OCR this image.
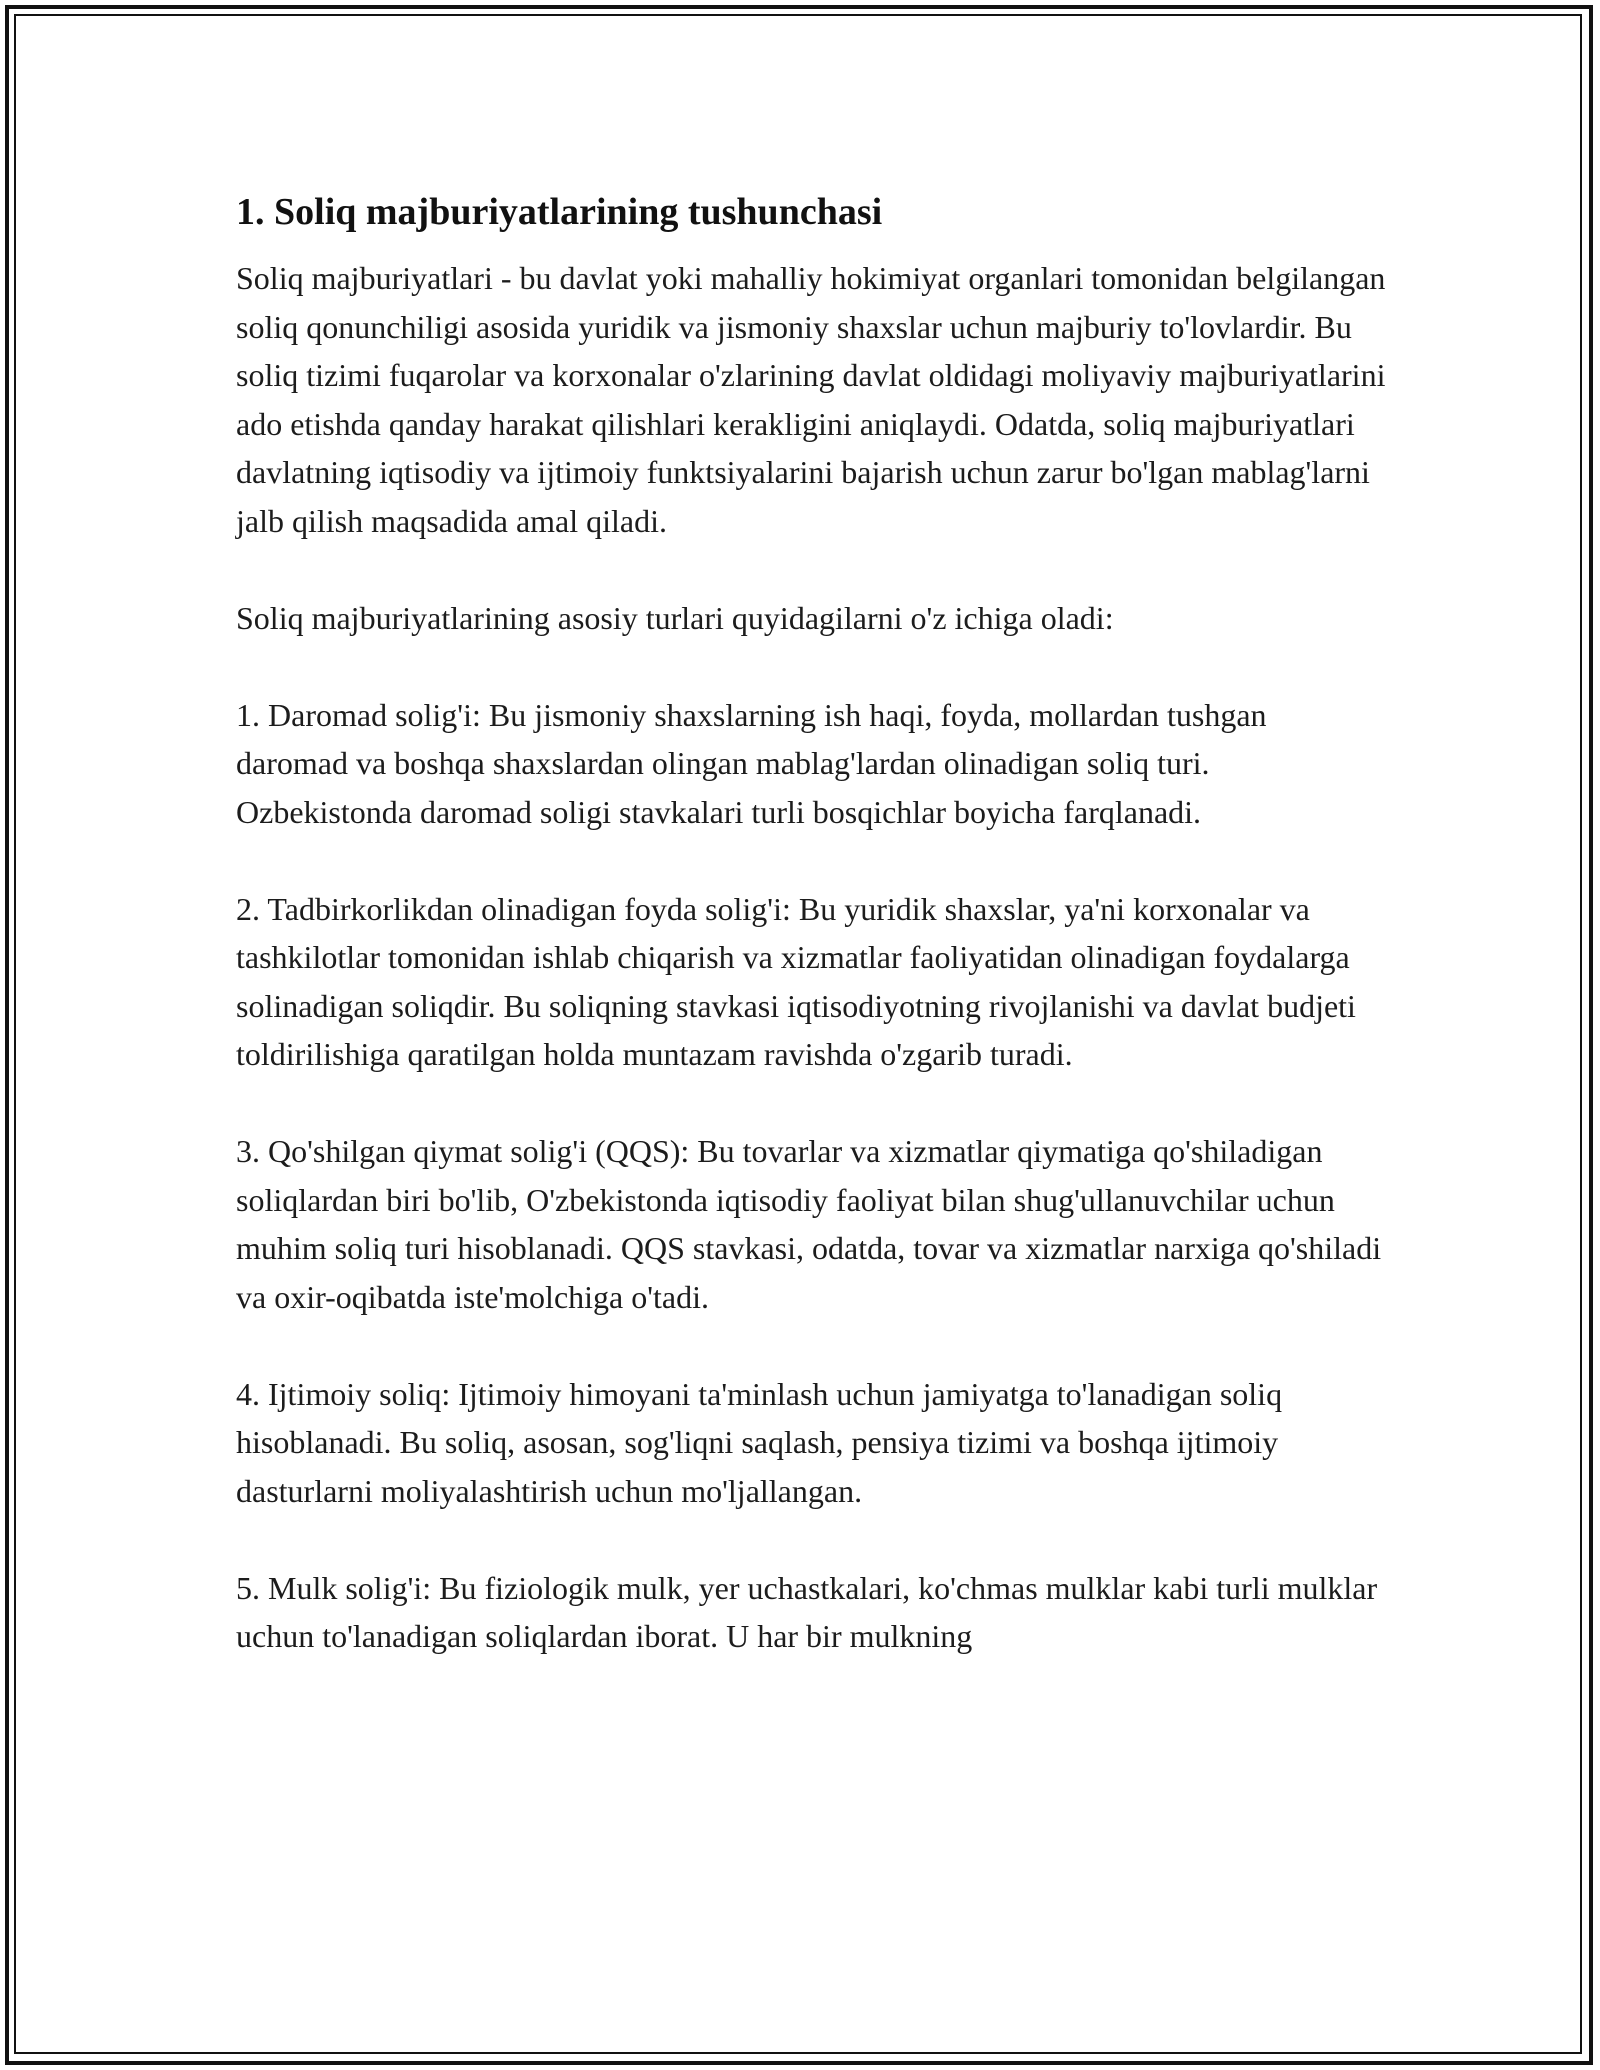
1. Soliq majburiyatlarining tushunchasi

Soliq majburiyatlari - bu davlat yoki mahalliy hokimiyat organlari tomonidan belgilangan soliq qonunchiligi asosida yuridik va jismoniy shaxslar uchun majburiy to'lovlardir. Bu soliq tizimi fuqarolar va korxonalar o'zlarining davlat oldidagi moliyaviy majburiyatlarini ado etishda qanday harakat qilishlari kerakligini aniqlaydi. Odatda, soliq majburiyatlari davlatning iqtisodiy va ijtimoiy funktsiyalarini bajarish uchun zarur bo'lgan mablag'larni jalb qilish maqsadida amal qiladi.

Soliq majburiyatlarining asosiy turlari quyidagilarni o'z ichiga oladi:

1. Daromad solig'i: Bu jismoniy shaxslarning ish haqi, foyda, mollardan tushgan daromad va boshqa shaxslardan olingan mablag'lardan olinadigan soliq turi. Ozbekistonda daromad soligi stavkalari turli bosqichlar boyicha farqlanadi.

2. Tadbirkorlikdan olinadigan foyda solig'i: Bu yuridik shaxslar, ya'ni korxonalar va tashkilotlar tomonidan ishlab chiqarish va xizmatlar faoliyatidan olinadigan foydalarga solinadigan soliqdir. Bu soliqning stavkasi iqtisodiyotning rivojlanishi va davlat budjeti toldirilishiga qaratilgan holda muntazam ravishda o'zgarib turadi.

3. Qo'shilgan qiymat solig'i (QQS): Bu tovarlar va xizmatlar qiymatiga qo'shiladigan soliqlardan biri bo'lib, O'zbekistonda iqtisodiy faoliyat bilan shug'ullanuvchilar uchun muhim soliq turi hisoblanadi. QQS stavkasi, odatda, tovar va xizmatlar narxiga qo'shiladi va oxir-oqibatda iste'molchiga o'tadi.

4. Ijtimoiy soliq: Ijtimoiy himoyani ta'minlash uchun jamiyatga to'lanadigan soliq hisoblanadi. Bu soliq, asosan, sog'liqni saqlash, pensiya tizimi va boshqa ijtimoiy dasturlarni moliyalashtirish uchun mo'ljallangan.

5. Mulk solig'i: Bu fiziologik mulk, yer uchastkalari, ko'chmas mulklar kabi turli mulklar uchun to'lanadigan soliqlardan iborat. U har bir mulkning
